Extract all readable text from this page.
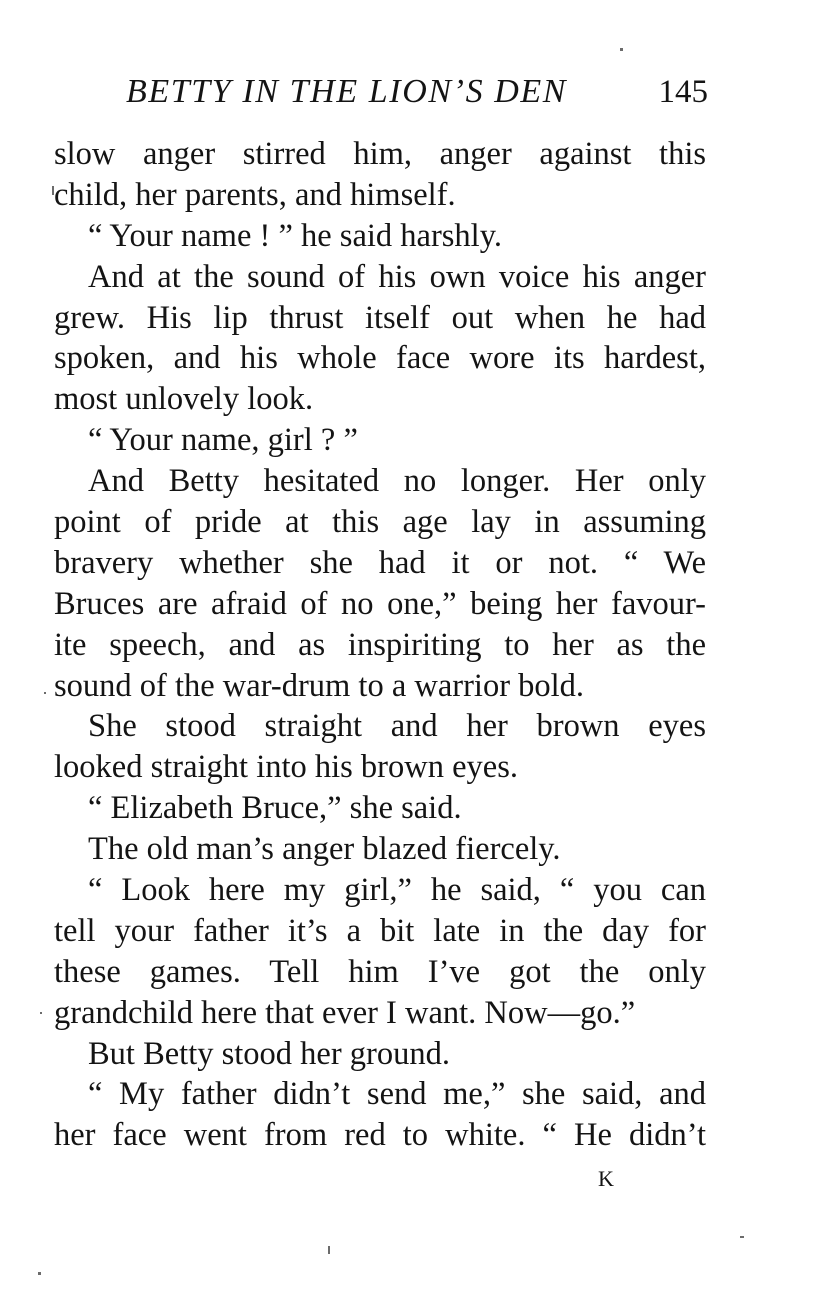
BETTY IN THE LION’S DEN	145
slow anger stirred him, anger against this
child, her parents, and himself.
“ Your name ! ” he said harshly.
And at the sound of his own voice his anger
grew. His lip thrust itself out when he had
spoken, and his whole face wore its hardest,
most unlovely look.
“ Your name, girl ? ”
And Betty hesitated no longer. Her only
point of pride at this age lay in assuming
bravery whether she had it or not. “ We
Bruces are afraid of no one,” being her favour-
ite speech, and as inspiriting to her as the
sound of the war-drum to a warrior bold.
She stood straight and her brown eyes
looked straight into his brown eyes.
“ Elizabeth Bruce,” she said.
The old man’s anger blazed fiercely.
“ Look here my girl,” he said, “ you can
tell your father it’s a bit late in the day for
these games. Tell him I’ve got the only
grandchild here that ever I want. Now—go.”
But Betty stood her ground.
“ My father didn’t send me,” she said, and
her face went from red to white. “ He didn’t
K
